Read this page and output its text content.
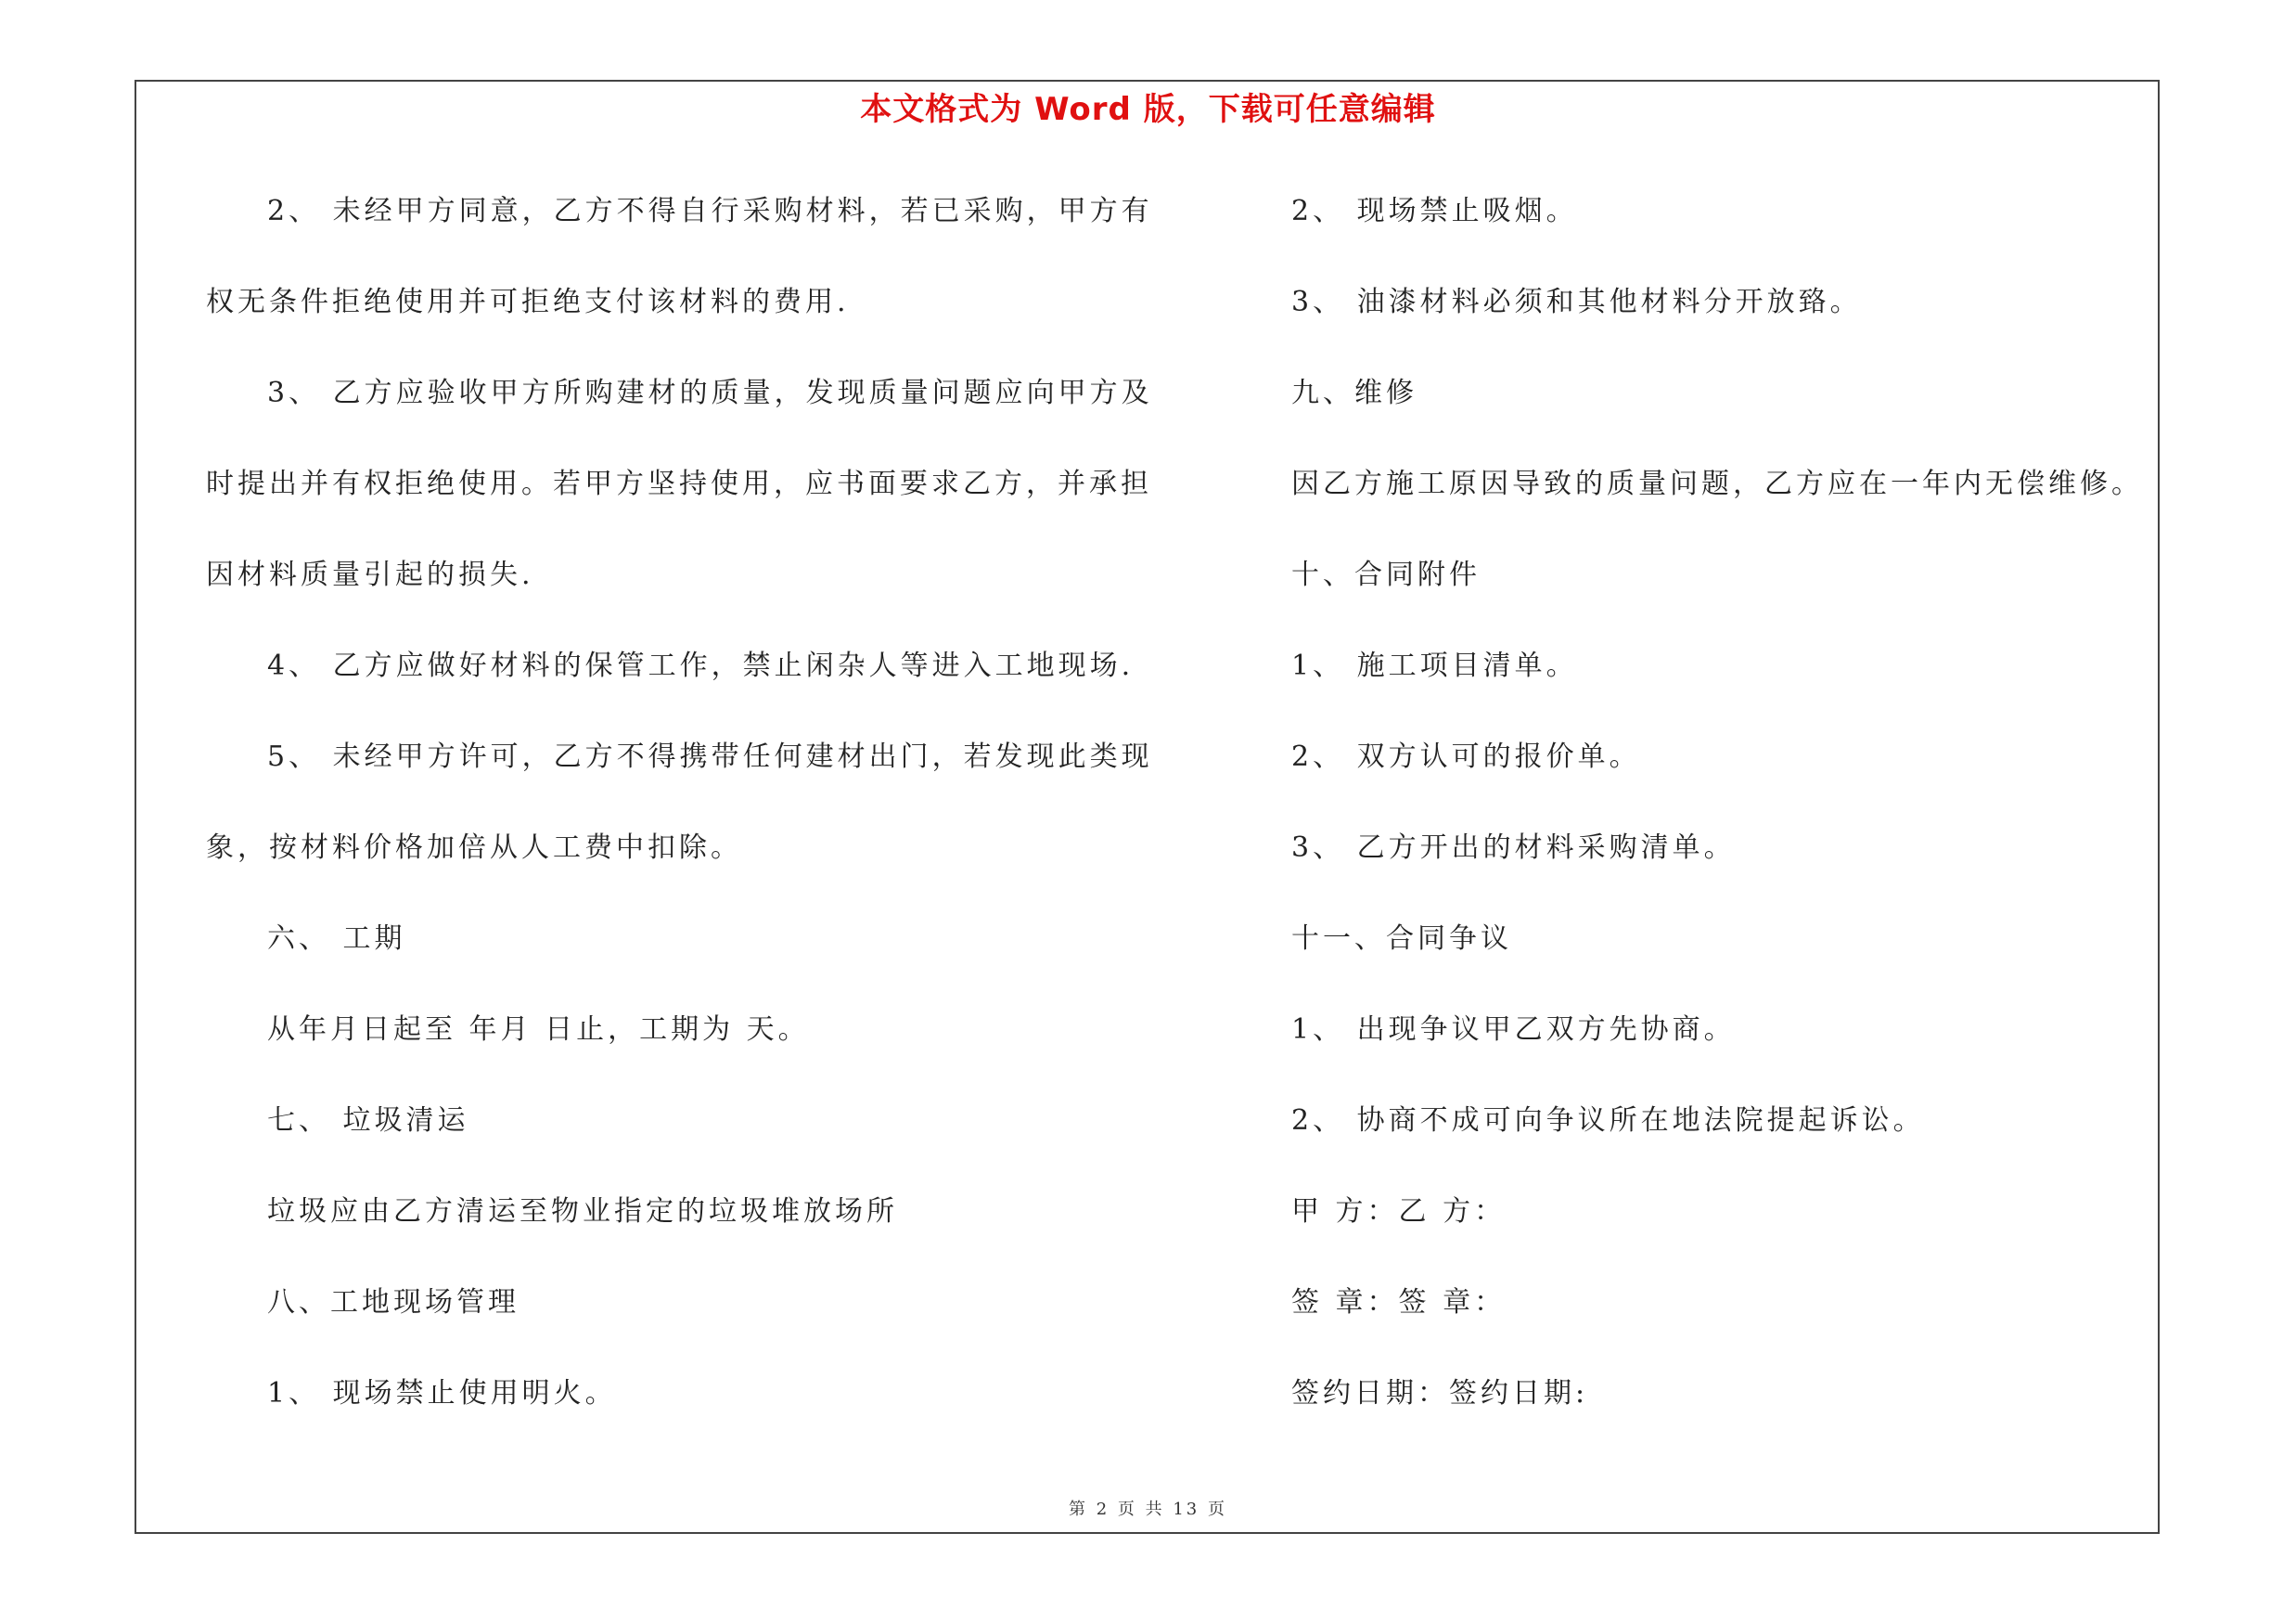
本文格式为 Word 版，下载可任意编辑
2、 未经甲方同意，乙方不得自行采购材料，若已采购，甲方有
权无条件拒绝使用并可拒绝支付该材料的费用.
3、 乙方应验收甲方所购建材的质量，发现质量问题应向甲方及
时提出并有权拒绝使用。若甲方坚持使用，应书面要求乙方，并承担
因材料质量引起的损失.
4、 乙方应做好材料的保管工作，禁止闲杂人等进入工地现场.
5、 未经甲方许可，乙方不得携带任何建材出门，若发现此类现
象，按材料价格加倍从人工费中扣除。
六、 工期
从年月日起至 年月 日止，工期为 天。
七、 垃圾清运
垃圾应由乙方清运至物业指定的垃圾堆放场所
八、工地现场管理
1、 现场禁止使用明火。
2、 现场禁止吸烟。
3、 油漆材料必须和其他材料分开放臵。
九、维修
因乙方施工原因导致的质量问题，乙方应在一年内无偿维修。
十、合同附件
1、 施工项目清单。
2、 双方认可的报价单。
3、 乙方开出的材料采购清单。
十一、合同争议
1、 出现争议甲乙双方先协商。
2、 协商不成可向争议所在地法院提起诉讼。
甲 方：乙 方：
签 章：签 章：
签约日期：签约日期:
第 2 页 共 13 页
